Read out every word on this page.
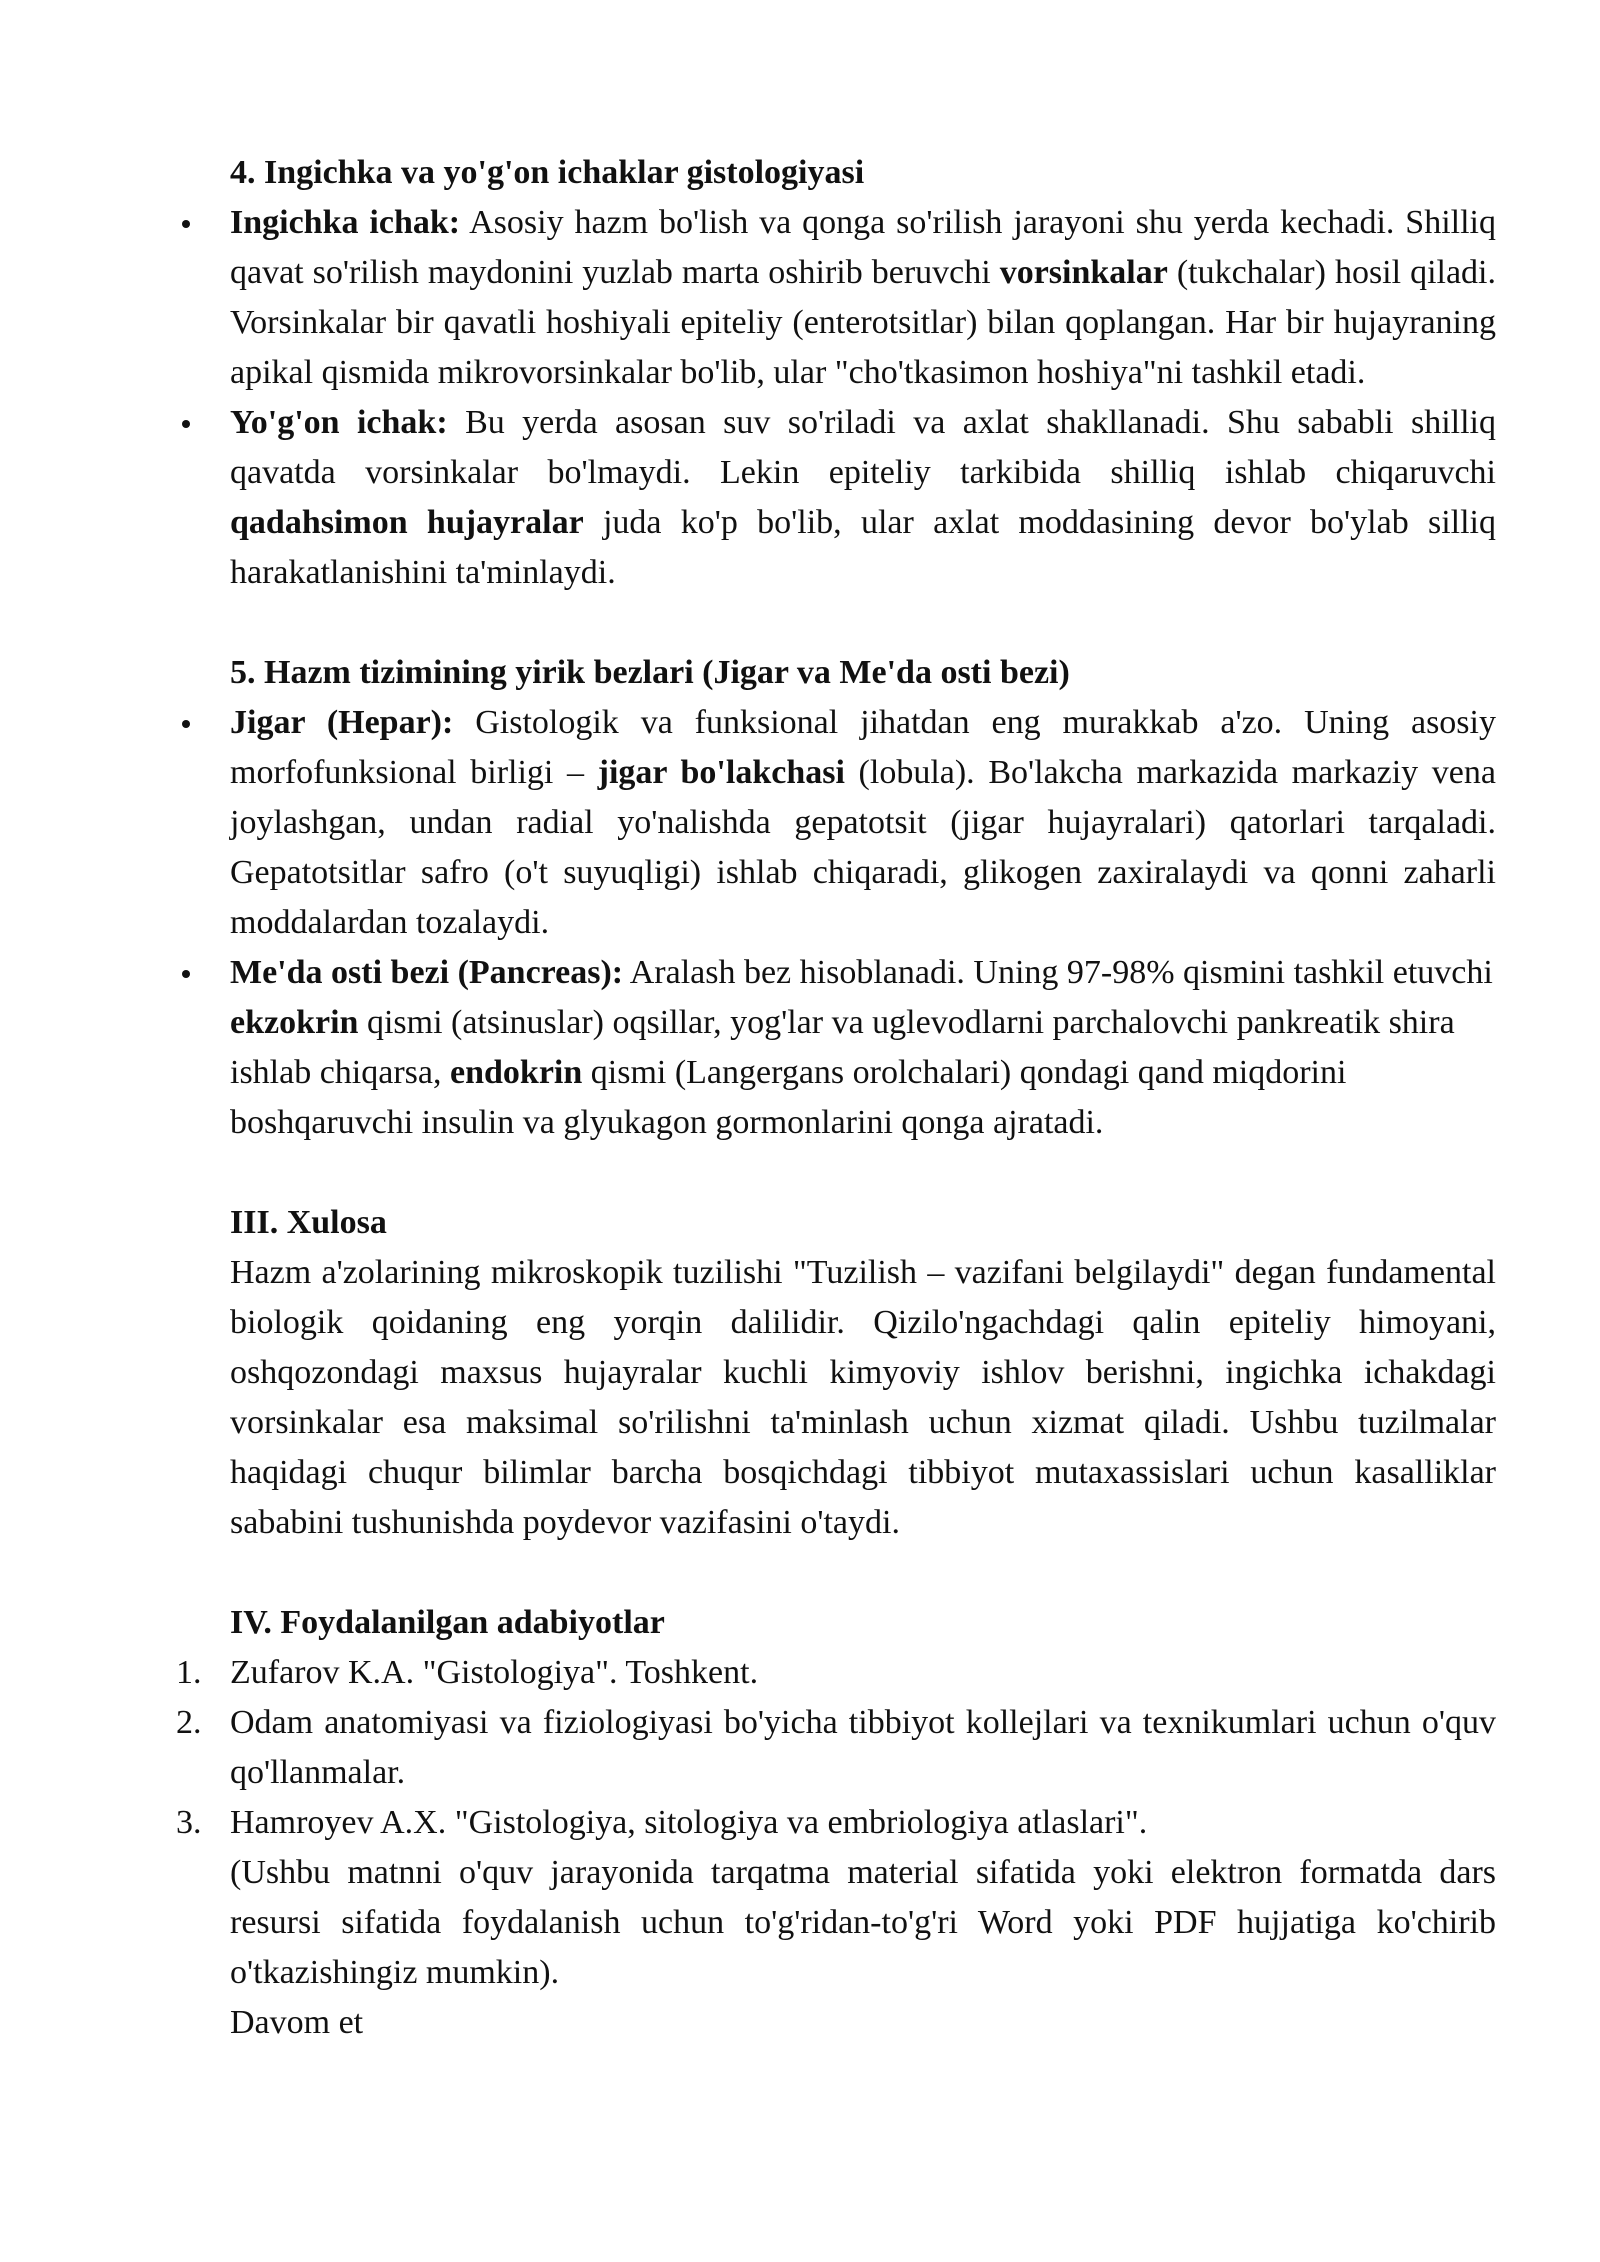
4. Ingichka va yo'g'on ichaklar gistologiyasi

Ingichka ichak: Asosiy hazm bo'lish va qonga so'rilish jarayoni shu yerda kechadi. Shilliq qavat so'rilish maydonini yuzlab marta oshirib beruvchi vorsinkalar (tukchalar) hosil qiladi. Vorsinkalar bir qavatli hoshiyali epiteliy (enterotsitlar) bilan qoplangan. Har bir hujayraning apikal qismida mikrovorsinkalar bo'lib, ular "cho'tkasimon hoshiya"ni tashkil etadi.
Yo'g'on ichak: Bu yerda asosan suv so'riladi va axlat shakllanadi. Shu sababli shilliq qavatda vorsinkalar bo'lmaydi. Lekin epiteliy tarkibida shilliq ishlab chiqaruvchi qadahsimon hujayralar juda ko'p bo'lib, ular axlat moddasining devor bo'ylab silliq harakatlanishini ta'minlaydi.

5. Hazm tizimining yirik bezlari (Jigar va Me'da osti bezi)

Jigar (Hepar): Gistologik va funksional jihatdan eng murakkab a'zo. Uning asosiy morfofunksional birligi – jigar bo'lakchasi (lobula). Bo'lakcha markazida markaziy vena joylashgan, undan radial yo'nalishda gepatotsit (jigar hujayralari) qatorlari tarqaladi. Gepatotsitlar safro (o't suyuqligi) ishlab chiqaradi, glikogen zaxiralaydi va qonni zaharli moddalardan tozalaydi.
Me'da osti bezi (Pancreas): Aralash bez hisoblanadi. Uning 97-98% qismini tashkil etuvchi ekzokrin qismi (atsinuslar) oqsillar, yog'lar va uglevodlarni parchalovchi pankreatik shira ishlab chiqarsa, endokrin qismi (Langergans orolchalari) qondagi qand miqdorini boshqaruvchi insulin va glyukagon gormonlarini qonga ajratadi.

III. Xulosa

Hazm a'zolarining mikroskopik tuzilishi "Tuzilish – vazifani belgilaydi" degan fundamental biologik qoidaning eng yorqin dalilidir. Qizilo'ngachdagi qalin epiteliy himoyani, oshqozondagi maxsus hujayralar kuchli kimyoviy ishlov berishni, ingichka ichakdagi vorsinkalar esa maksimal so'rilishni ta'minlash uchun xizmat qiladi. Ushbu tuzilmalar haqidagi chuqur bilimlar barcha bosqichdagi tibbiyot mutaxassislari uchun kasalliklar sababini tushunishda poydevor vazifasini o'taydi.

IV. Foydalanilgan adabiyotlar

1. Zufarov K.A. "Gistologiya". Toshkent.
2. Odam anatomiyasi va fiziologiyasi bo'yicha tibbiyot kollejlari va texnikumlari uchun o'quv qo'llanmalar.
3. Hamroyev A.X. "Gistologiya, sitologiya va embriologiya atlaslari".

(Ushbu matnni o'quv jarayonida tarqatma material sifatida yoki elektron formatda dars resursi sifatida foydalanish uchun to'g'ridan-to'g'ri Word yoki PDF hujjatiga ko'chirib o'tkazishingiz mumkin).

Davom et
